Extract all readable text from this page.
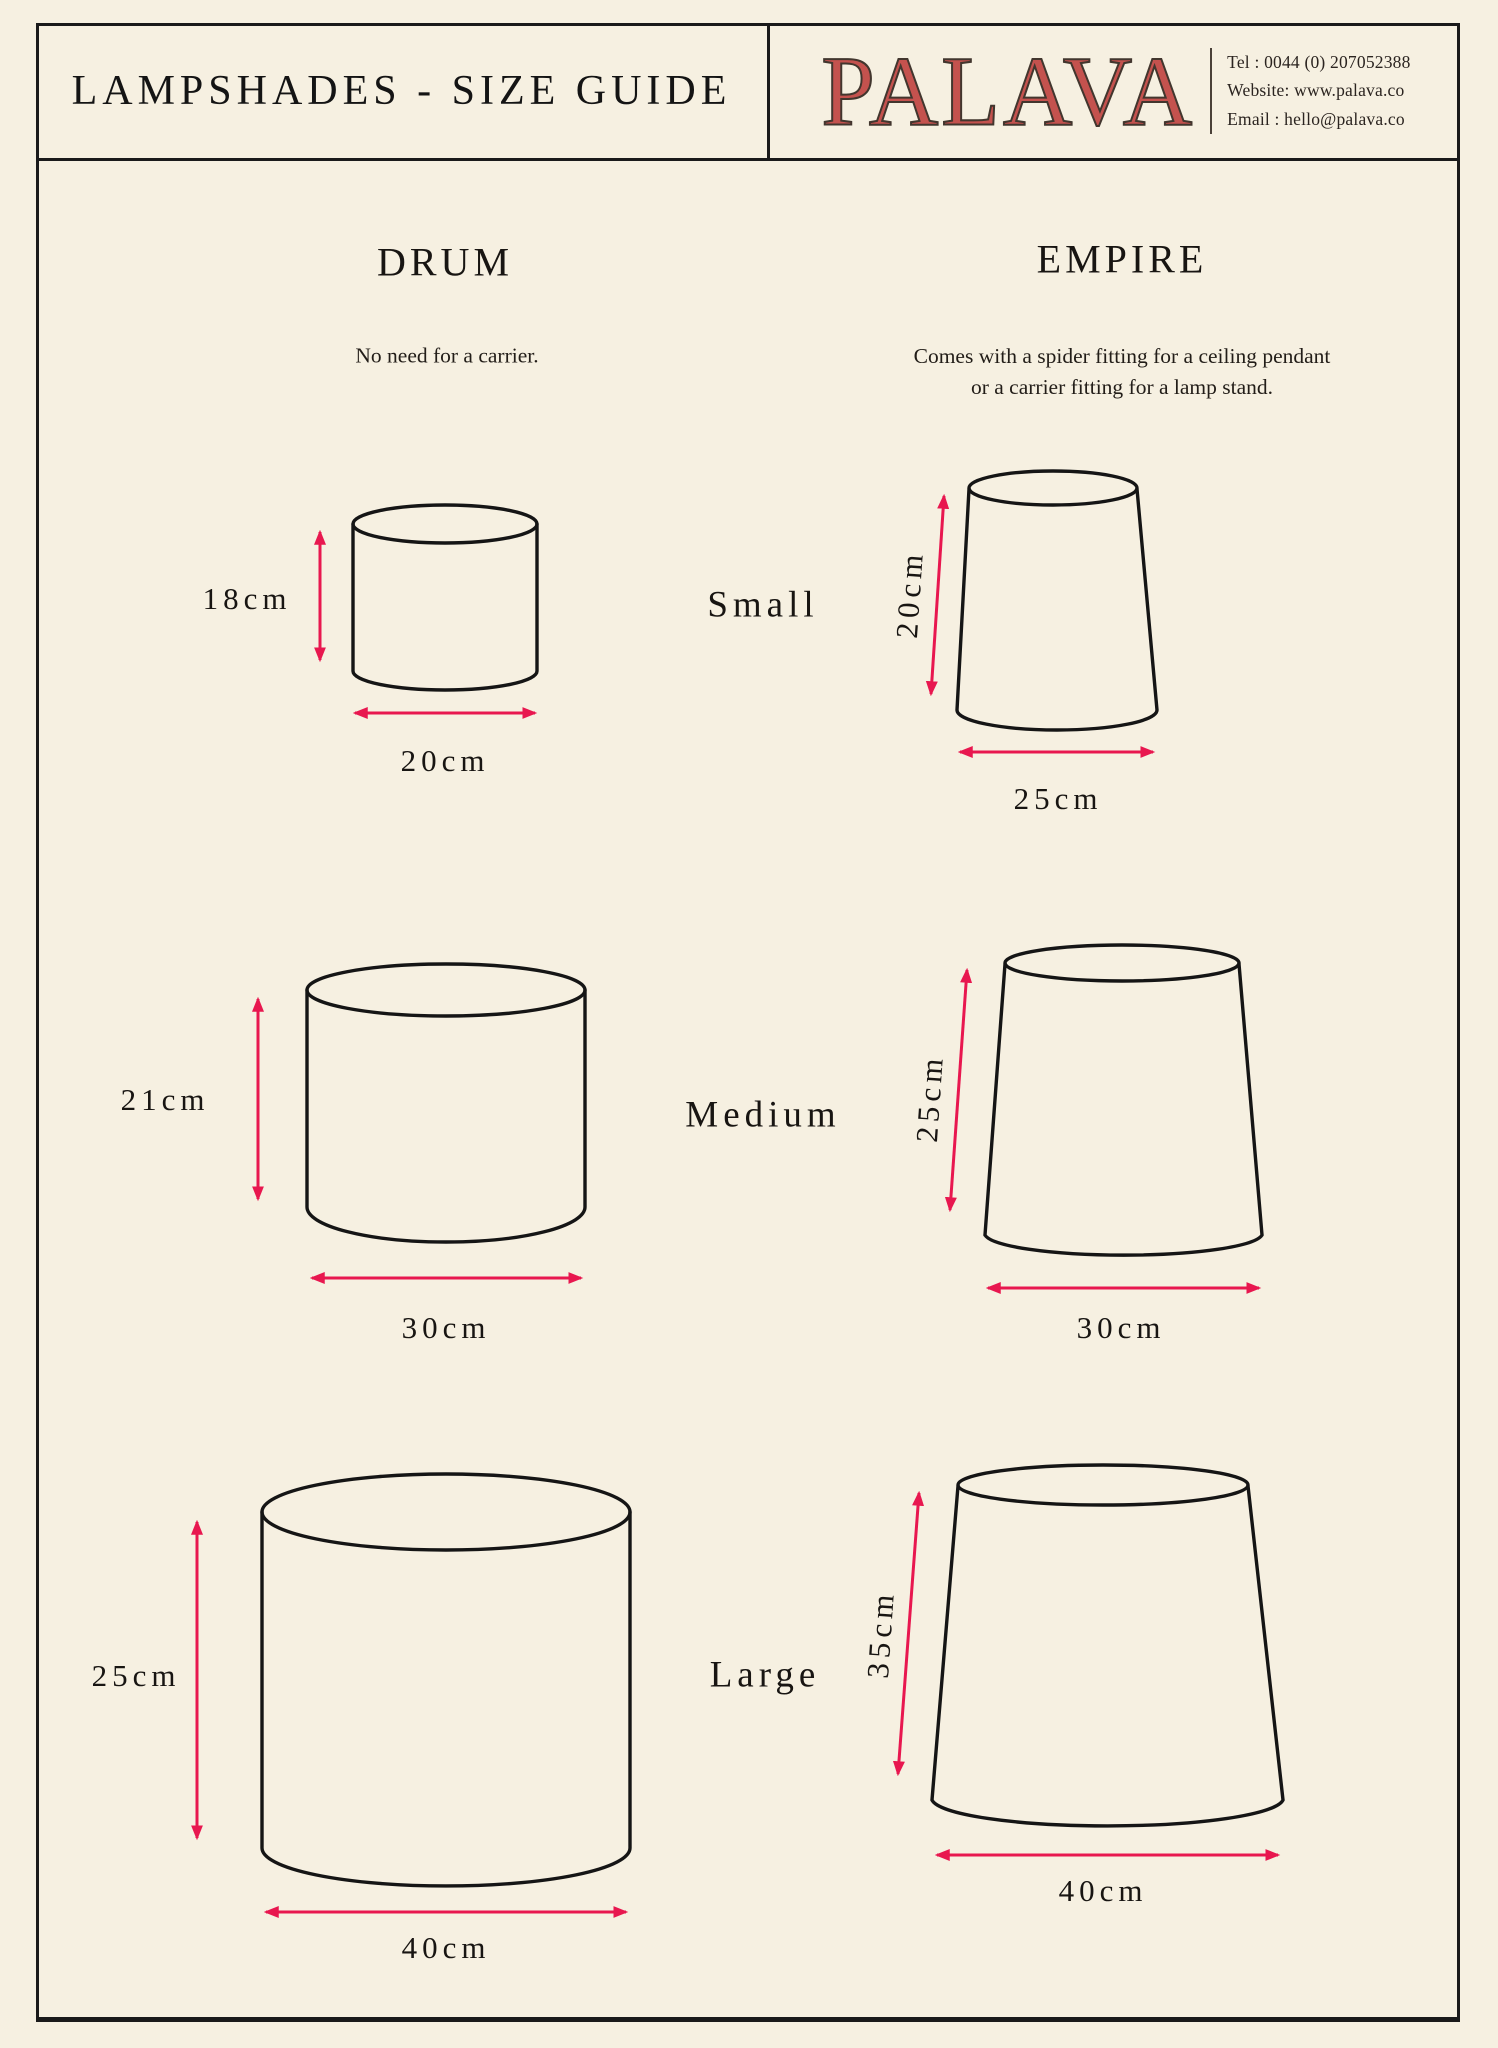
LAMPSHADES - SIZE GUIDE PALAVA Tel : 0044 (0) 207052388
Website: www.palava.co
Email : hello@palava.co
DRUM	EMPIRE
No need for a carrier.	Comes with a spider fitting for a ceiling pendant
or a carrier fitting for a lamp stand.
Small
Medium
Large
18cm
20cm
20cm
25cm
21cm
30cm
25cm
30cm
25cm
40cm
35cm
40cm
